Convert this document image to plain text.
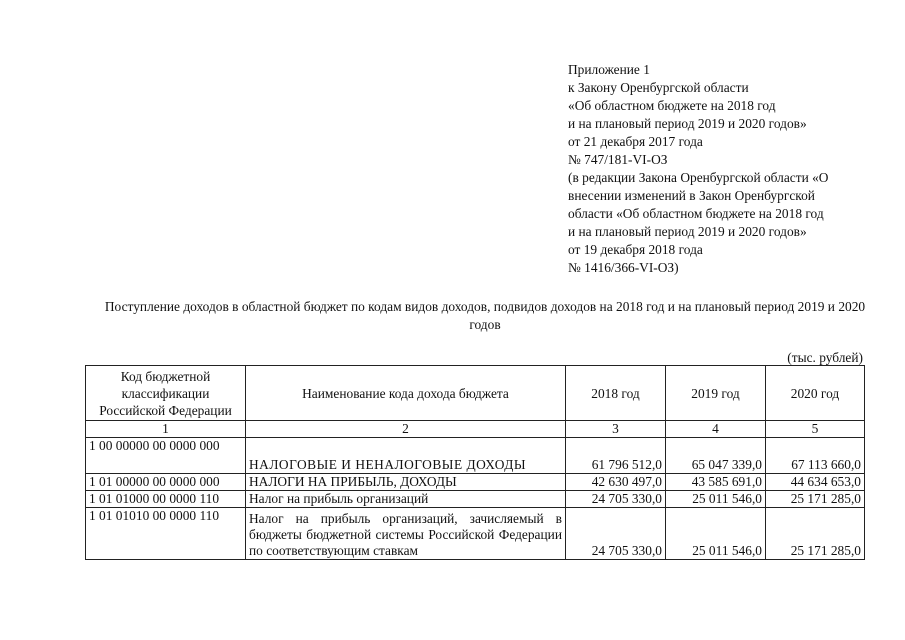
Приложение 1
к Закону Оренбургской области
«Об областном бюджете на 2018 год
и на плановый период 2019 и 2020 годов»
от 21 декабря 2017 года
№ 747/181-VI-ОЗ
(в редакции Закона Оренбургской области «О
внесении изменений в Закон Оренбургской
области «Об областном бюджете на 2018 год
и на плановый период 2019 и 2020 годов»
от 19 декабря 2018 года
№ 1416/366-VI-ОЗ)
Поступление доходов в областной бюджет по кодам видов доходов, подвидов доходов на 2018 год и на плановый период 2019 и 2020 годов
(тыс. рублей)
Код бюджетной классификации Российской Федерации	Наименование кода дохода бюджета	2018 год	2019 год	2020 год
1	2	3	4	5
1 00 00000 00 0000 000	НАЛОГОВЫЕ И НЕНАЛОГОВЫЕ ДОХОДЫ	61 796 512,0	65 047 339,0	67 113 660,0
1 01 00000 00 0000 000	НАЛОГИ НА ПРИБЫЛЬ, ДОХОДЫ	42 630 497,0	43 585 691,0	44 634 653,0
1 01 01000 00 0000 110	Налог на прибыль организаций	24 705 330,0	25 011 546,0	25 171 285,0
1 01 01010 00 0000 110	Налог на прибыль организаций, зачисляемый в бюджеты бюджетной системы Российской Федерации по соответствующим ставкам	24 705 330,0	25 011 546,0	25 171 285,0
